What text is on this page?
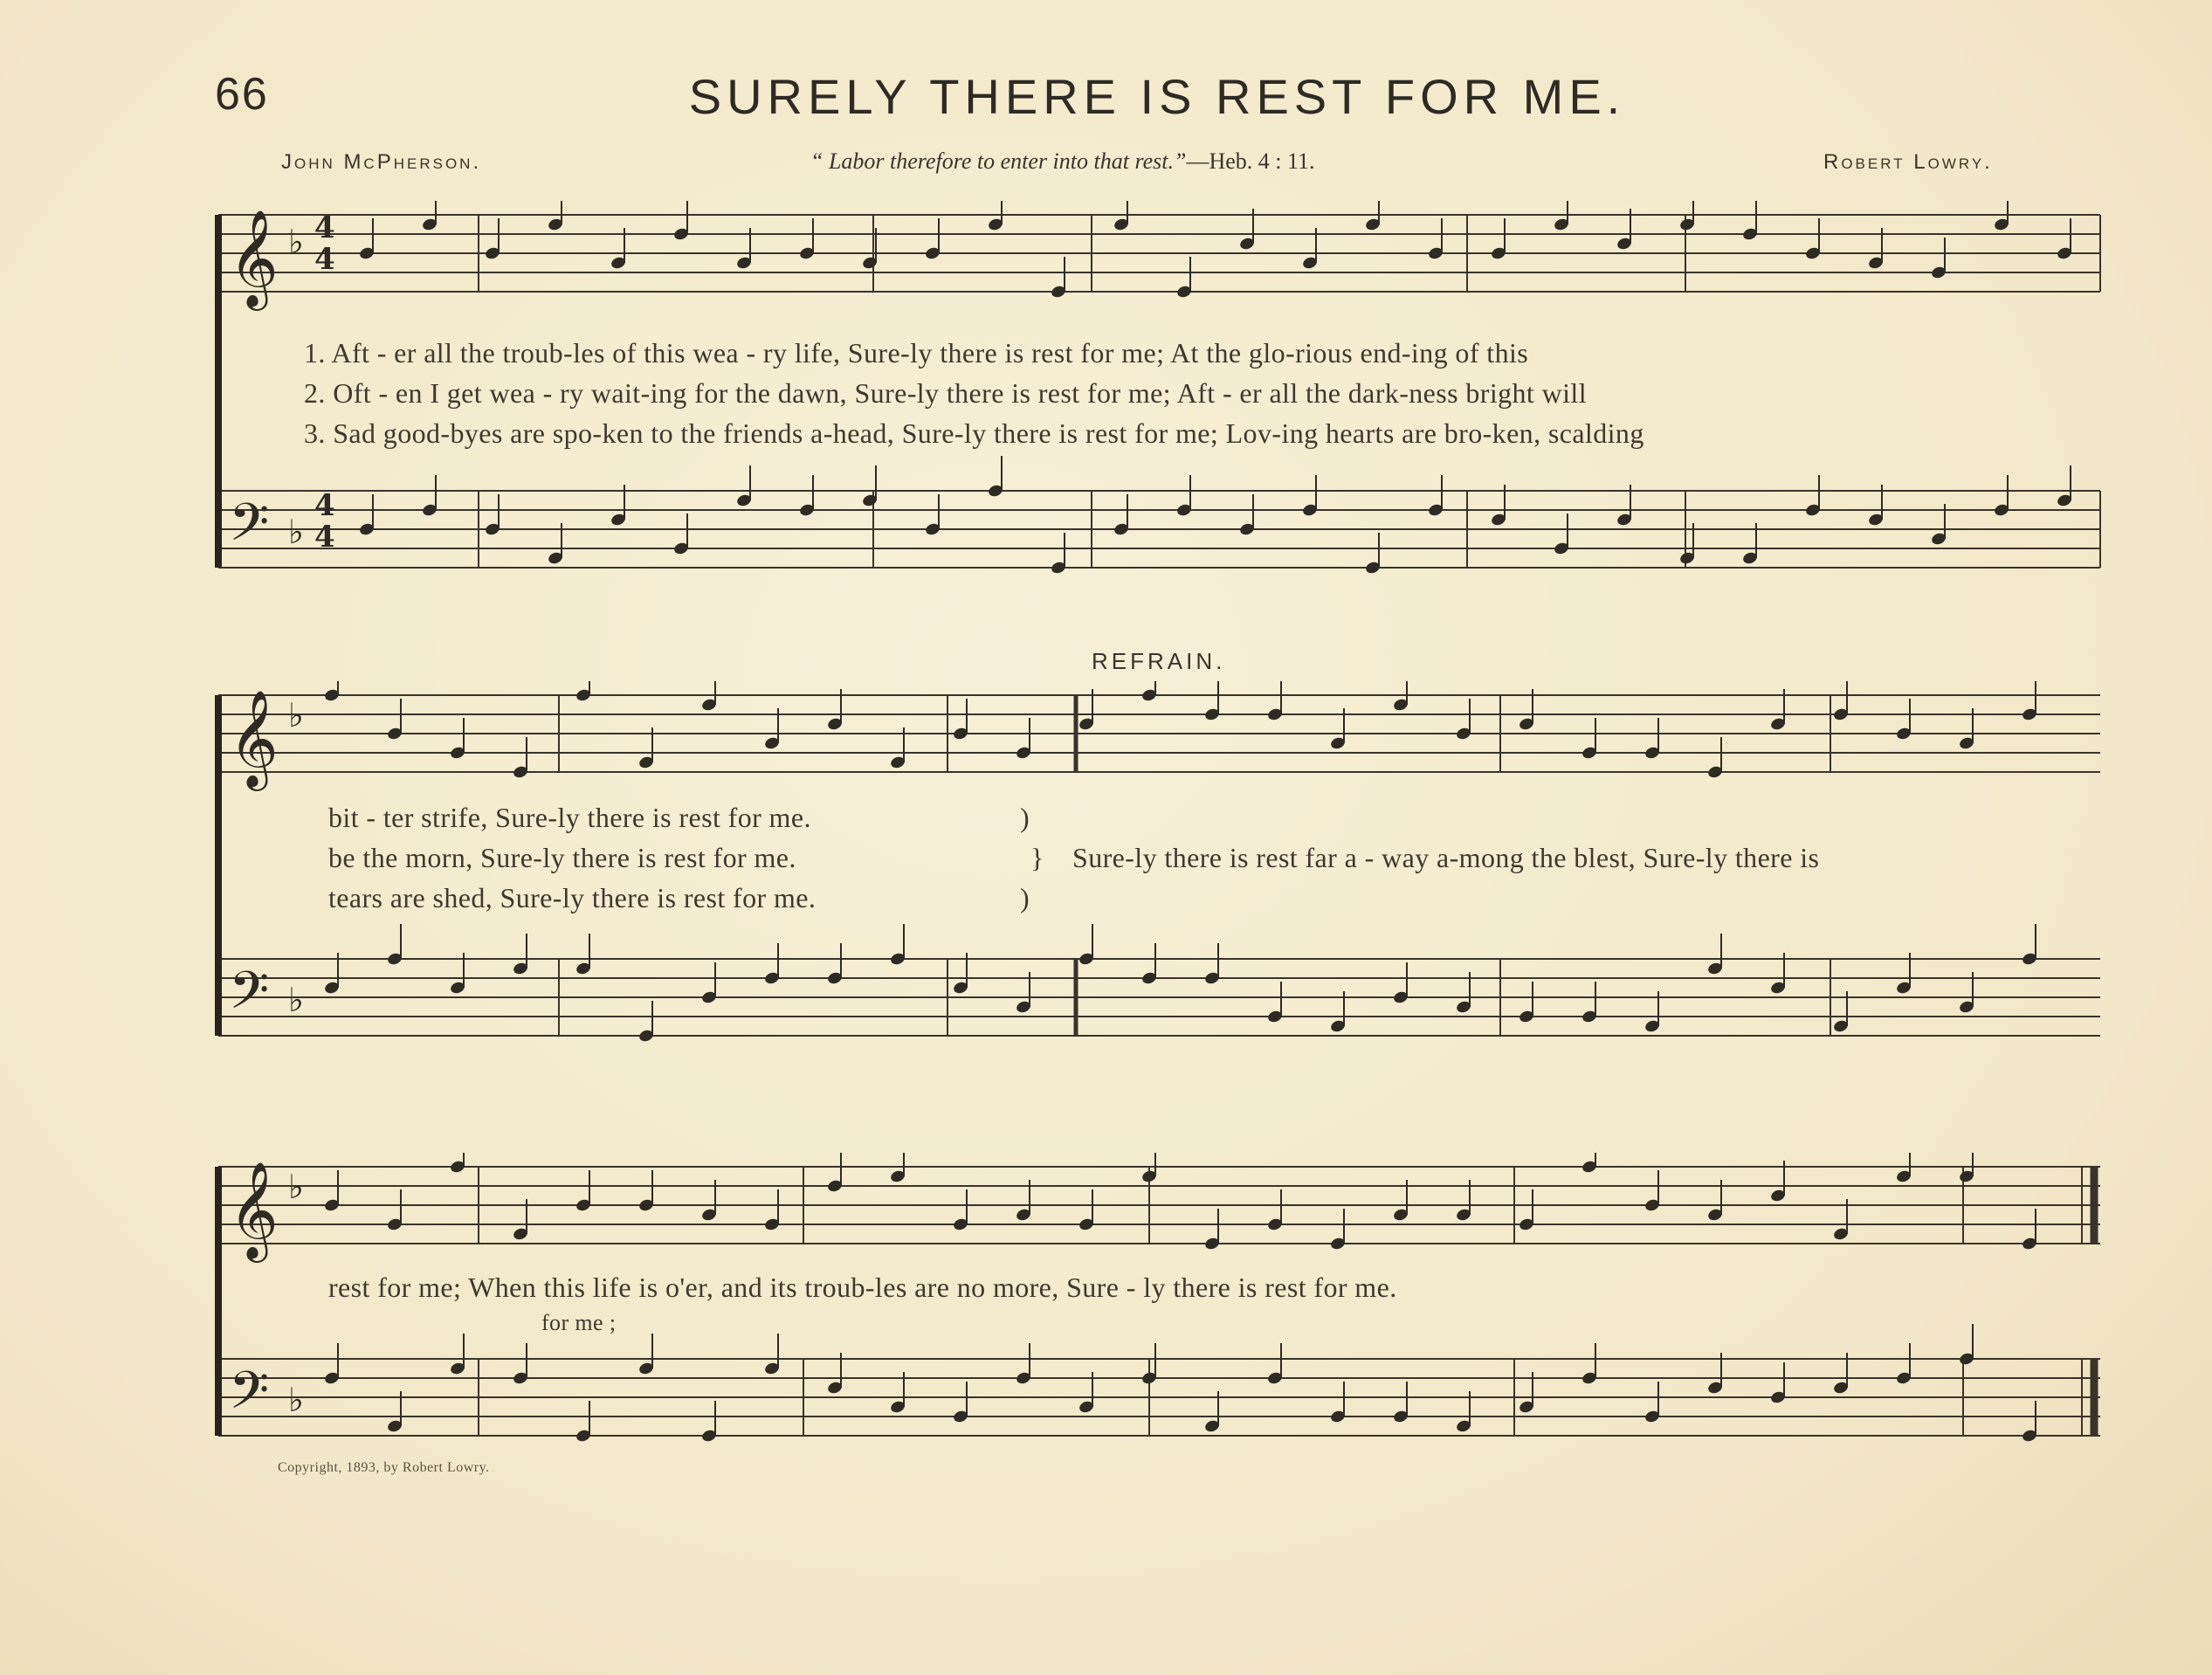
66	SURELY THERE IS REST FOR ME.
John McPherson.	“ Labor therefore to enter into that rest.”—Heb. 4 : 11.	Robert Lowry.
𝄞
𝄢
♭
♭
4
4
4
4
1. Aft - er all the troub-les of this wea - ry life, Sure-ly there is rest for me; At the glo-rious end-ing of this
2. Oft - en I get wea - ry wait-ing for the dawn, Sure-ly there is rest for me; Aft - er all the dark-ness bright will
3. Sad good-byes are spo-ken to the friends a-head, Sure-ly there is rest for me; Lov-ing hearts are bro-ken, scalding
REFRAIN.
𝄞
𝄢
♭
♭
bit - ter strife, Sure-ly there is rest for me.
be the morn, Sure-ly there is rest for me.
tears are shed, Sure-ly there is rest for me.
)
}
)
Sure-ly there is rest far a - way a-mong the blest, Sure-ly there is
𝄞
𝄢
♭
♭
rest for me; When this life is o'er, and its troub-les are no more, Sure - ly there is rest for me.
for me ;
Copyright, 1893, by Robert Lowry.
